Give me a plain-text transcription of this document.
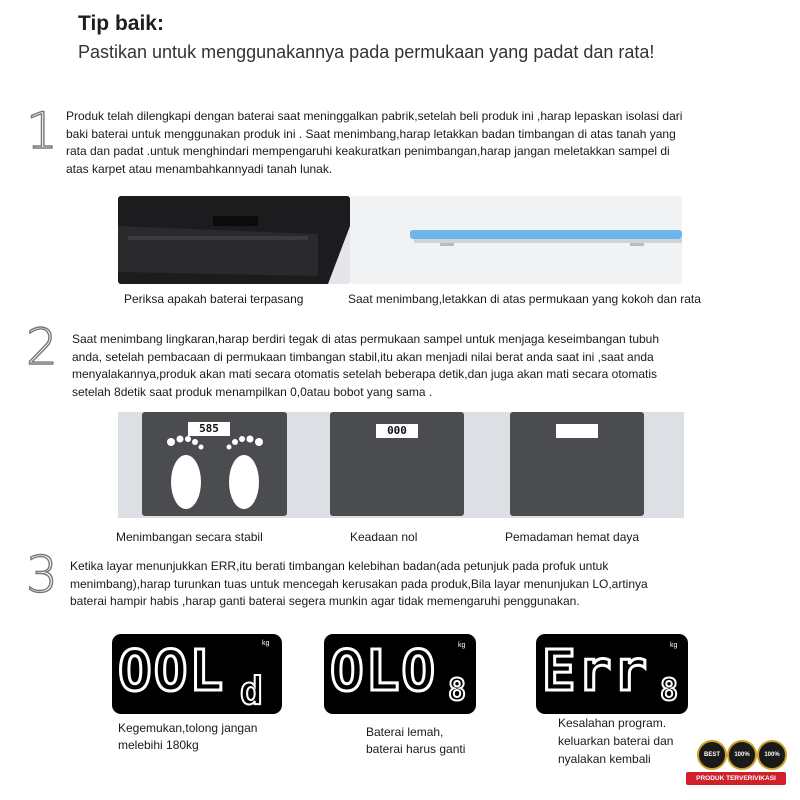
Tip baik:
Pastikan untuk menggunakannya pada permukaan yang padat dan rata!
1 Produk telah dilengkapi dengan baterai saat meninggalkan pabrik,setelah beli produk ini ,harap lepaskan isolasi dari
baki baterai untuk menggunakan produk ini . Saat menimbang,harap letakkan badan timbangan di atas tanah yang
rata dan padat .untuk menghindari mempengaruhi keakuratkan penimbangan,harap jangan meletakkan sampel di
atas karpet atau menambahkannyadi tanah lunak.
Periksa apakah baterai terpasang	Saat menimbang,letakkan di atas permukaan yang kokoh dan rata
2 Saat menimbang lingkaran,harap berdiri tegak di atas permukaan sampel untuk menjaga keseimbangan tubuh
anda, setelah pembacaan di permukaan timbangan stabil,itu akan menjadi nilai berat anda saat ini ,saat anda
menyalakannya,produk akan mati secara otomatis setelah beberapa detik,dan juga akan mati secara otomatis
setelah 8detik saat produk menampilkan 0,0atau bobot yang sama .
585	000
Menimbangan secara stabil	Keadaan nol	Pemadaman hemat daya
3 Ketika layar menunjukkan ERR,itu berati timbangan kelebihan badan(ada petunjuk pada profuk untuk
menimbang),harap turunkan tuas untuk mencegah kerusakan pada produk,Bila layar menunjukan LO,artinya
baterai hampir habis ,harap ganti baterai segera munkin agar tidak memengaruhi penggunakan.
OOL d
kg OLO 8
kg Err 8
kg
Kegemukan,tolong jangan
melebihi 180kg
Baterai lemah,
baterai harus ganti
Kesalahan program.
keluarkan baterai dan
nyalakan kembali	BEST	100%	100%
PRODUK TERVERIVIKASI
